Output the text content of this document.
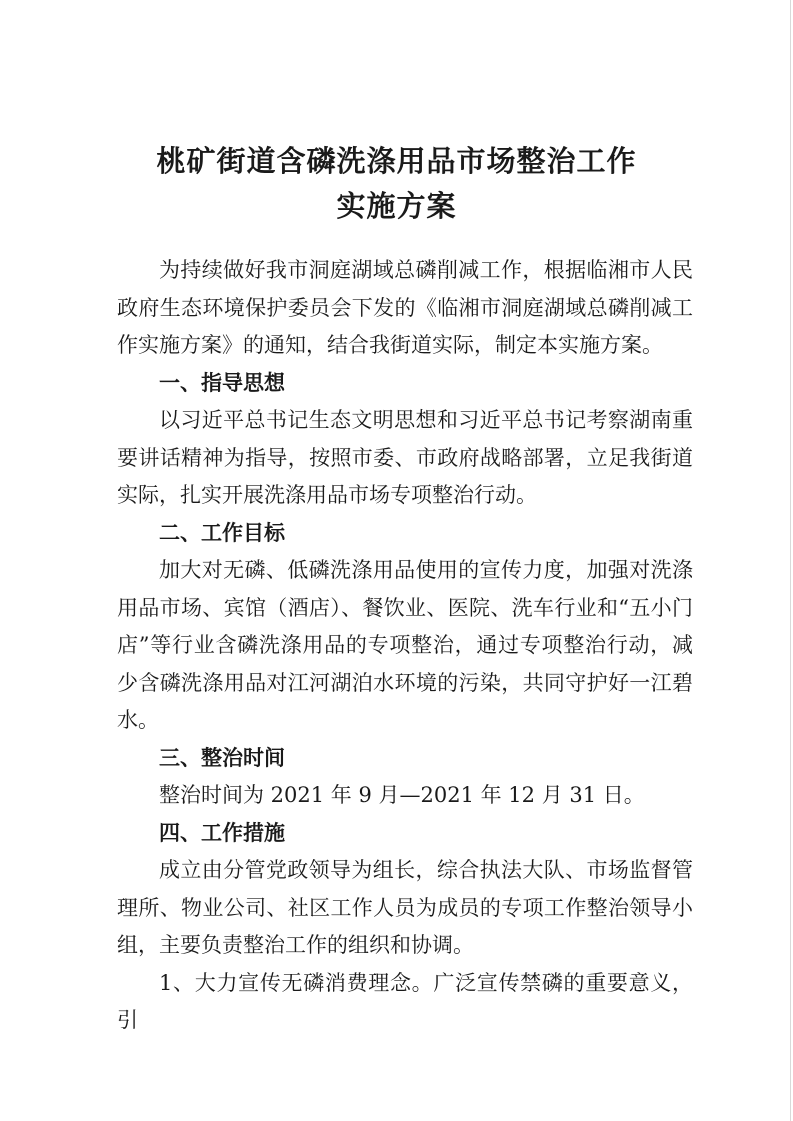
桃矿街道含磷洗涤用品市场整治工作
实施方案

为持续做好我市洞庭湖域总磷削减工作，根据临湘市人民政府生态环境保护委员会下发的《临湘市洞庭湖域总磷削减工作实施方案》的通知，结合我街道实际，制定本实施方案。

一、指导思想

以习近平总书记生态文明思想和习近平总书记考察湖南重要讲话精神为指导，按照市委、市政府战略部署，立足我街道实际，扎实开展洗涤用品市场专项整治行动。

二、工作目标

加大对无磷、低磷洗涤用品使用的宣传力度，加强对洗涤用品市场、宾馆（酒店）、餐饮业、医院、洗车行业和“五小门店”等行业含磷洗涤用品的专项整治，通过专项整治行动，减少含磷洗涤用品对江河湖泊水环境的污染，共同守护好一江碧水。

三、整治时间

整治时间为 2021 年 9 月—2021 年 12 月 31 日。

四、工作措施

成立由分管党政领导为组长，综合执法大队、市场监督管理所、物业公司、社区工作人员为成员的专项工作整治领导小组，主要负责整治工作的组织和协调。

1、大力宣传无磷消费理念。广泛宣传禁磷的重要意义，引
